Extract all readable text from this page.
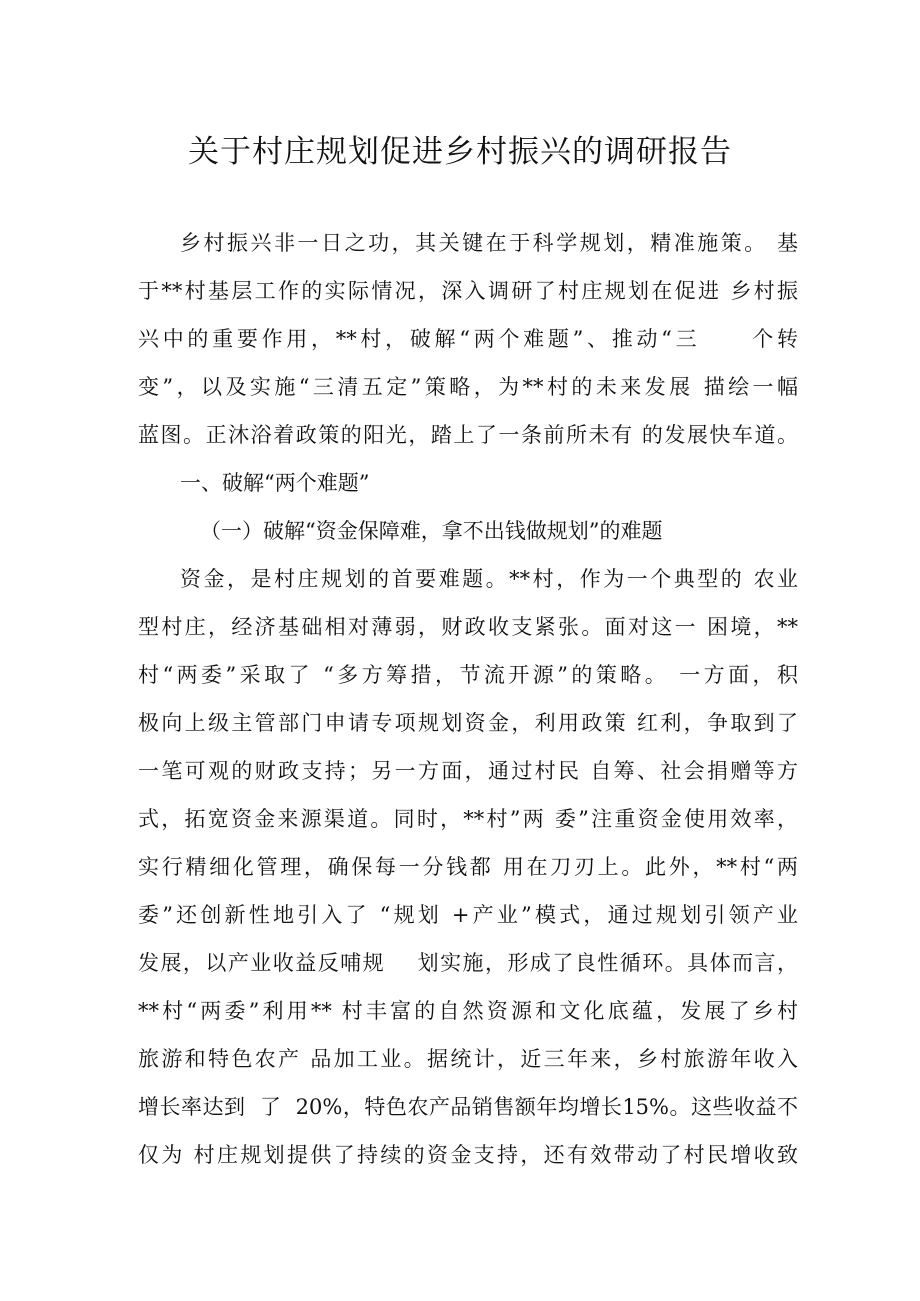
关于村庄规划促进乡村振兴的调研报告
乡村振兴非一日之功，其关键在于科学规划，精准施策。 基
于**村基层工作的实际情况，深入调研了村庄规划在促进 乡村振
兴中的重要作用，**村，破解“两个难题”、推动“三     个转
变”，以及实施“三清五定”策略，为**村的未来发展 描绘一幅
蓝图。正沐浴着政策的阳光，踏上了一条前所未有 的发展快车道。
一、破解“两个难题”
（一）破解“资金保障难，拿不出钱做规划”的难题
资金，是村庄规划的首要难题。**村，作为一个典型的 农业
型村庄，经济基础相对薄弱，财政收支紧张。面对这一 困境，**
村“两委”采取了 “多方筹措，节流开源”的策略。 一方面，积
极向上级主管部门申请专项规划资金，利用政策 红利，争取到了
一笔可观的财政支持；另一方面，通过村民 自筹、社会捐赠等方
式，拓宽资金来源渠道。同时，**村”两 委”注重资金使用效率，
实行精细化管理，确保每一分钱都 用在刀刃上。此外，**村“两
委”还创新性地引入了 “规划 +产业”模式，通过规划引领产业
发展，以产业收益反哺规    划实施，形成了良性循环。具体而言，
**村“两委”利用** 村丰富的自然资源和文化底蕴，发展了乡村
旅游和特色农产 品加工业。据统计，近三年来，乡村旅游年收入
增长率达到  了  20%，特色农产品销售额年均增长15%。这些收益不
仅为 村庄规划提供了持续的资金支持，还有效带动了村民增收致
